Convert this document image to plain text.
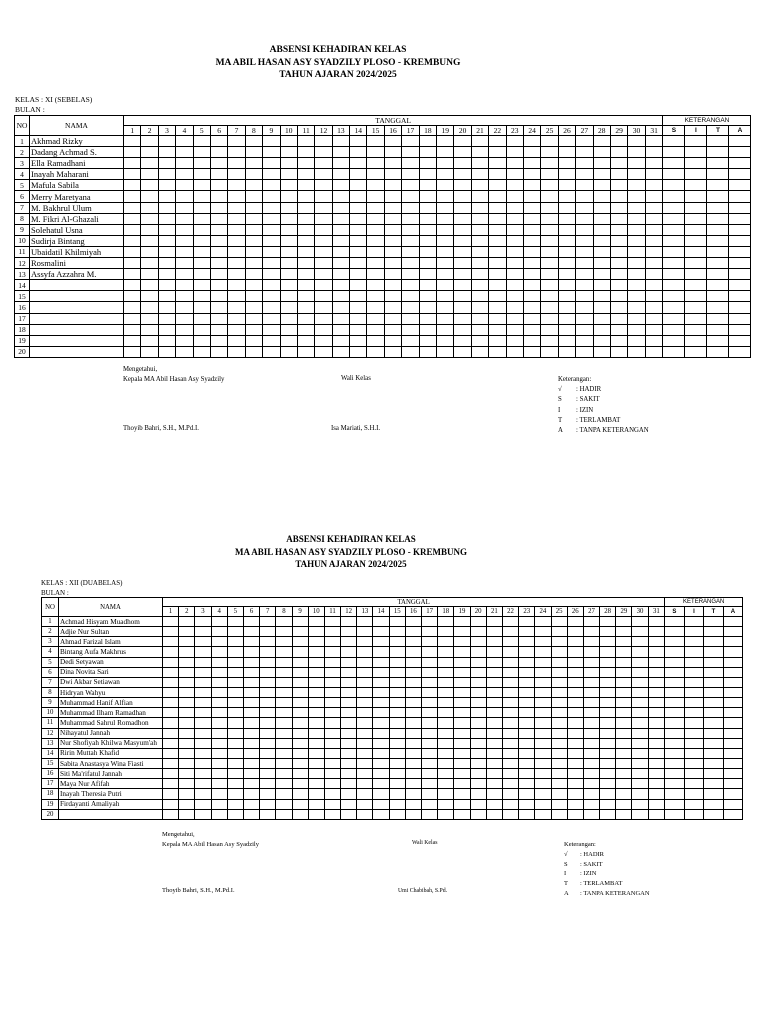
ABSENSI KEHADIRAN KELAS
MA ABIL HASAN ASY SYADZILY PLOSO - KREMBUNG
TAHUN AJARAN 2024/2025
KELAS : XI (SEBELAS)
BULAN :
NO	NAMA	TANGGAL																															KETERANGAN			
		1	2	3	4	5	6	7	8	9	10	11	12	13	14	15	16	17	18	19	20	21	22	23	24	25	26	27	28	29	30	31	S	I	T	A
1	Akhmad Rizky																																			
2	Dadang Achmad S.																																			
3	Ella Ramadhani																																			
4	Inayah Maharani																																			
5	Mafula Sabila																																			
6	Merry Maretyana																																			
7	M. Bakhrul Ulum																																			
8	M. Fikri Al-Ghazali																																			
9	Solehatul Usna																																			
10	Sudirja Bintang																																			
11	Ubaidatil Khilmiyah																																			
12	Rosmalini																																			
13	Assyfa Azzahra M.																																			
14																																				
15																																				
16																																				
17																																				
18																																				
19																																				
20																																				
Mengetahui,
Kepala MA Abil Hasan Asy Syadzily	Wali Kelas
Thoyib Bahri, S.H., M.Pd.I.	Isa Mariati, S.H.I.
Keterangan:
√ : HADIR
S : SAKIT
I : IZIN
T : TERLAMBAT
A : TANPA KETERANGAN
ABSENSI KEHADIRAN KELAS
MA ABIL HASAN ASY SYADZILY PLOSO - KREMBUNG
TAHUN AJARAN 2024/2025
KELAS : XII (DUABELAS)
BULAN :
NO	NAMA	TANGGAL																															KETERANGAN			
		1	2	3	4	5	6	7	8	9	10	11	12	13	14	15	16	17	18	19	20	21	22	23	24	25	26	27	28	29	30	31	S	I	T	A
1	Achmad Hisyam Muadhom																																			
2	Adjie Nur Sultan																																			
3	Ahmad Farizal Islam																																			
4	Bintang Aufa Makhrus																																			
5	Dedi Setyawan																																			
6	Dina Novita Sari																																			
7	Dwi Akbar Setiawan																																			
8	Hidryan Wahyu																																			
9	Muhammad Hanif Alfian																																			
10	Muhammad Ilham Ramadhan																																			
11	Muhammad Sahrul Romadhon																																			
12	Nihayatul Jannah																																			
13	Nur Shofiyah Khilwa Masyum'ah																																			
14	Ririn Muttah Khafid																																			
15	Sabita Anastasya Wina Fiasti																																			
16	Siti Ma'rifatul Jannah																																			
17	Maya Nur Afifah																																			
18	Inayah Theresia Putri																																			
19	Firdayanti Amaliyah																																			
20																																				
Mengetahui,
Kepala MA Abil Hasan Asy Syadzily	Wali Kelas
Thoyib Bahri, S.H., M.Pd.I.	Umi Chabibah, S.Pd.
Keterangan:
√ : HADIR
S : SAKIT
I : IZIN
T : TERLAMBAT
A : TANPA KETERANGAN
